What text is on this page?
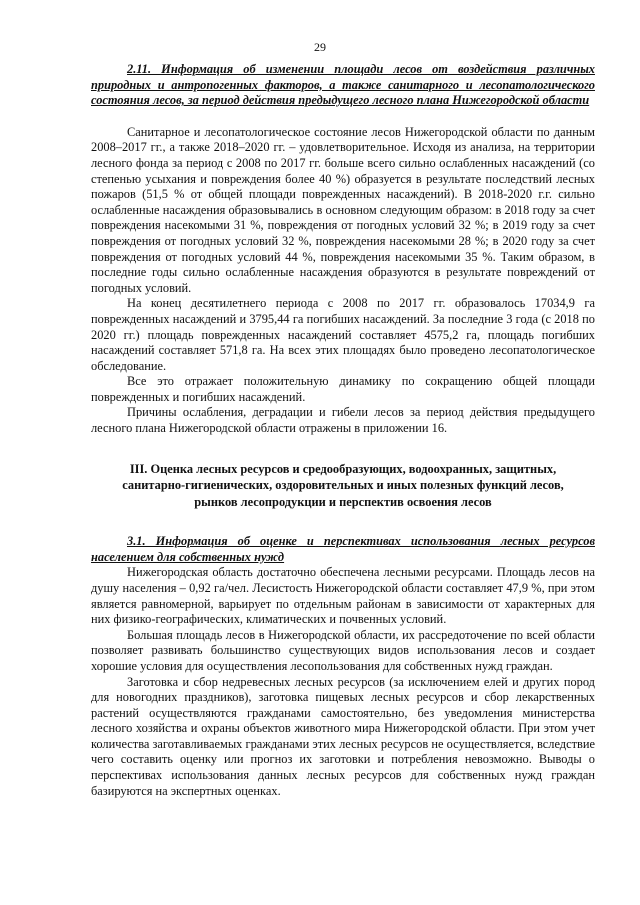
29
2.11. Информация об изменении площади лесов от воздействия различных природных и антропогенных факторов, а также санитарного и лесопатологического состояния лесов, за период действия предыдущего лесного плана Нижегородской области

Санитарное и лесопатологическое состояние лесов Нижегородской области по данным 2008–2017 гг., а также 2018–2020 гг. – удовлетворительное. Исходя из анализа, на территории лесного фонда за период с 2008 по 2017 гг. больше всего сильно ослабленных насаждений (со степенью усыхания и повреждения более 40 %) образуется в результате последствий лесных пожаров (51,5 % от общей площади поврежденных насаждений). В 2018-2020 г.г. сильно ослабленные насаждения образовывались в основном следующим образом: в 2018 году за счет повреждения насекомыми 31 %, повреждения от погодных условий 32 %; в 2019 году за счет повреждения от погодных условий 32 %, повреждения насекомыми 28 %; в 2020 году за счет повреждения от погодных условий 44 %, повреждения насекомыми 35 %. Таким образом, в последние годы сильно ослабленные насаждения образуются в результате повреждений от погодных условий.

На конец десятилетнего периода с 2008 по 2017 гг. образовалось 17034,9 га поврежденных насаждений и 3795,44 га погибших насаждений. За последние 3 года (с 2018 по 2020 гг.) площадь поврежденных насаждений составляет 4575,2 га, площадь погибших насаждений составляет 571,8 га. На всех этих площадях было проведено лесопатологическое обследование.

Все это отражает положительную динамику по сокращению общей площади поврежденных и погибших насаждений.

Причины ослабления, деградации и гибели лесов за период действия предыдущего лесного плана Нижегородской области отражены в приложении 16.

III. Оценка лесных ресурсов и средообразующих, водоохранных, защитных,
санитарно-гигиенических, оздоровительных и иных полезных функций лесов,
рынков лесопродукции и перспектив освоения лесов
3.1. Информация об оценке и перспективах использования лесных ресурсов населением для собственных нужд

Нижегородская область достаточно обеспечена лесными ресурсами. Площадь лесов на душу населения – 0,92 га/чел. Лесистость Нижегородской области составляет 47,9 %, при этом является равномерной, варьирует по отдельным районам в зависимости от характерных для них физико-географических, климатических и почвенных условий.

Большая площадь лесов в Нижегородской области, их рассредоточение по всей области позволяет развивать большинство существующих видов использования лесов и создает хорошие условия для осуществления лесопользования для собственных нужд граждан.

Заготовка и сбор недревесных лесных ресурсов (за исключением елей и других пород для новогодних праздников), заготовка пищевых лесных ресурсов и сбор лекарственных растений осуществляются гражданами самостоятельно, без уведомления министерства лесного хозяйства и охраны объектов животного мира Нижегородской области. При этом учет количества заготавливаемых гражданами этих лесных ресурсов не осуществляется, вследствие чего составить оценку или прогноз их заготовки и потребления невозможно. Выводы о перспективах использования данных лесных ресурсов для собственных нужд граждан базируются на экспертных оценках.
